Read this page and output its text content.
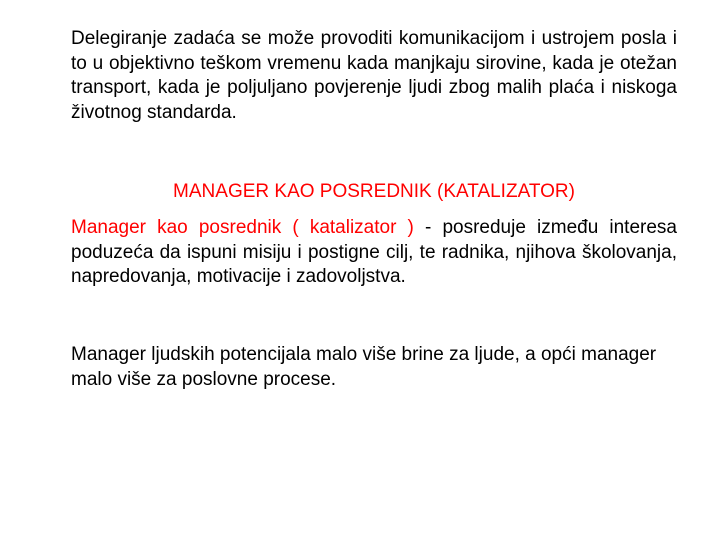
Delegiranje zadaća se može provoditi komunikacijom i ustrojem posla i to u objektivno teškom vremenu kada manjkaju sirovine, kada je otežan transport, kada je poljuljano povjerenje ljudi zbog malih plaća i niskoga životnog standarda.

MANAGER KAO POSREDNIK (KATALIZATOR)

Manager kao posrednik ( katalizator ) - posreduje između interesa poduzeća da ispuni misiju i postigne cilj, te radnika, njihova školovanja, napredovanja, motivacije i zadovoljstva.

Manager ljudskih potencijala malo više brine za ljude, a opći manager malo više za poslovne procese.
